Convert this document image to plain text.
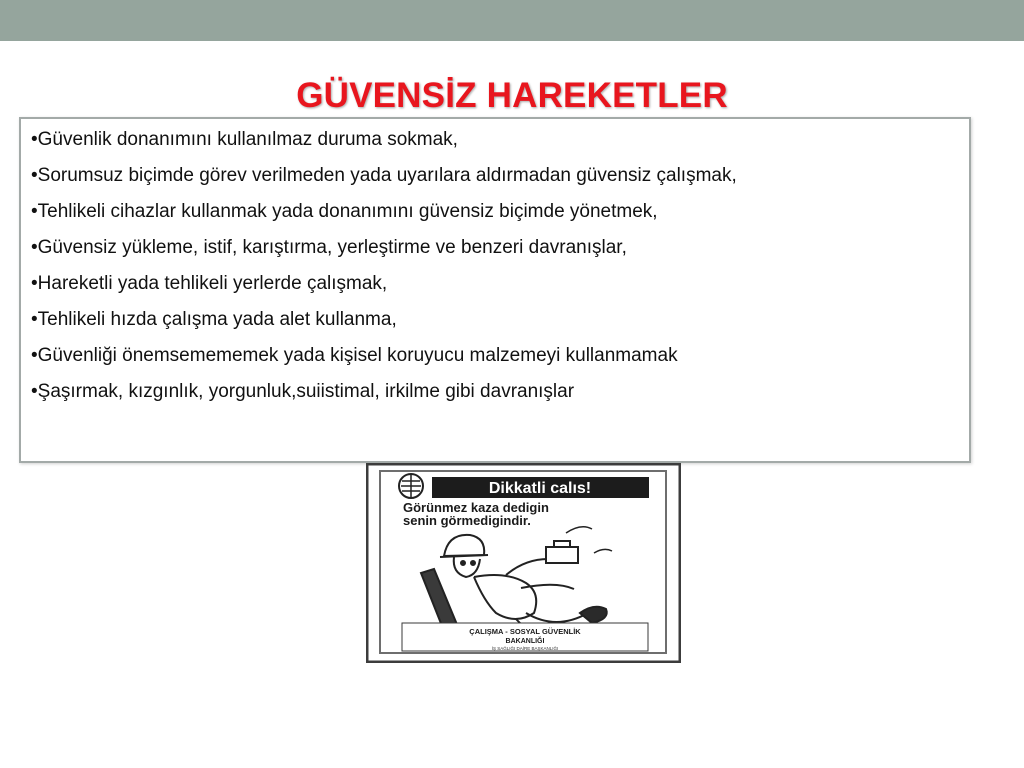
GÜVENSİZ HAREKETLER
•Güvenlik donanımını kullanılmaz duruma sokmak,
•Sorumsuz biçimde görev verilmeden yada uyarılara aldırmadan güvensiz çalışmak,
•Tehlikeli cihazlar kullanmak yada donanımını güvensiz biçimde yönetmek,
•Güvensiz yükleme, istif, karıştırma, yerleştirme ve benzeri davranışlar,
•Hareketli yada tehlikeli yerlerde çalışmak,
•Tehlikeli hızda çalışma yada alet kullanma,
•Güvenliği önemsemememek yada kişisel koruyucu malzemeyi kullanmamak
•Şaşırmak, kızgınlık, yorgunluk,suiistimal, irkilme gibi davranışlar
Dikkatli calıs!
Görünmez kaza dedigin
senin görmedigindir.
ÇALIŞMA - SOSYAL GÜVENLİK
BAKANLIĞI
İŞ SAĞLIĞI DAİRE BAŞKANLIĞI
